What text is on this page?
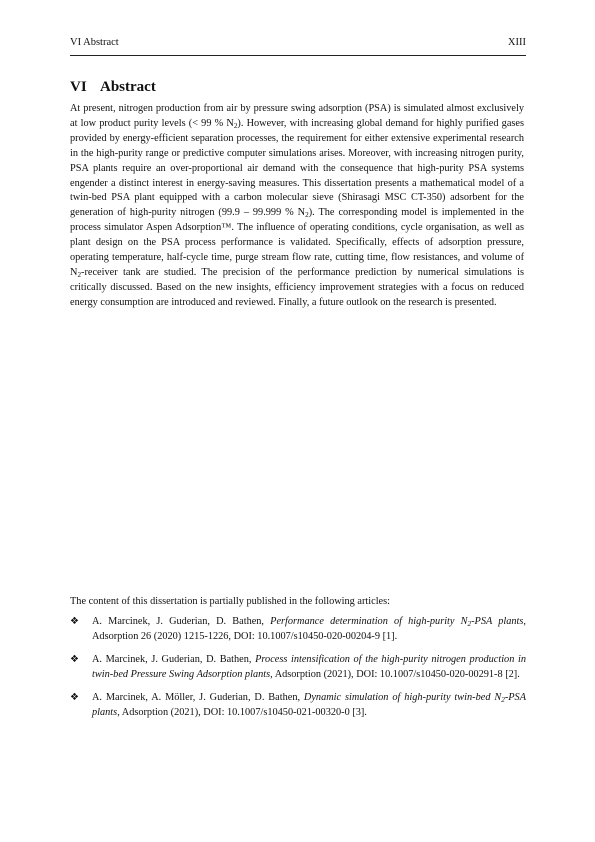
VI Abstract	XIII
VI Abstract

At present, nitrogen production from air by pressure swing adsorption (PSA) is simulated almost exclusively at low product purity levels (< 99 % $N_2$). However, with increasing global demand for highly purified gases provided by energy-efficient separation processes, the requirement for either extensive experimental research in the high-purity range or predictive computer simulations arises. Moreover, with increasing nitrogen purity, PSA plants require an over-proportional air demand with the consequence that high-purity PSA systems engender a distinct interest in energy-saving measures. This dissertation presents a mathematical model of a twin-bed PSA plant equipped with a carbon molecular sieve (Shirasagi MSC CT-350) adsorbent for the generation of high-purity nitrogen (99.9 – 99.999 % $N_2$). The corresponding model is implemented in the process simulator Aspen Adsorption™. The influence of operating conditions, cycle organisation, as well as plant design on the PSA process performance is validated. Specifically, effects of adsorption pressure, operating temperature, half-cycle time, purge stream flow rate, cutting time, flow resistances, and volume of $N_2$-receiver tank are studied. The precision of the performance prediction by numerical simulations is critically discussed. Based on the new insights, efficiency improvement strategies with a focus on reduced energy consumption are introduced and reviewed. Finally, a future outlook on the research is presented.

The content of this dissertation is partially published in the following articles:

❖ A. Marcinek, J. Guderian, D. Bathen, Performance determination of high-purity $N_2$-PSA plants, Adsorption 26 (2020) 1215-1226, DOI: 10.1007/s10450-020-00204-9 [1].
❖ A. Marcinek, J. Guderian, D. Bathen, Process intensification of the high-purity nitrogen production in twin-bed Pressure Swing Adsorption plants, Adsorption (2021), DOI: 10.1007/s10450-020-00291-8 [2].
❖ A. Marcinek, A. Möller, J. Guderian, D. Bathen, Dynamic simulation of high-purity twin-bed $N_2$-PSA plants, Adsorption (2021), DOI: 10.1007/s10450-021-00320-0 [3].
